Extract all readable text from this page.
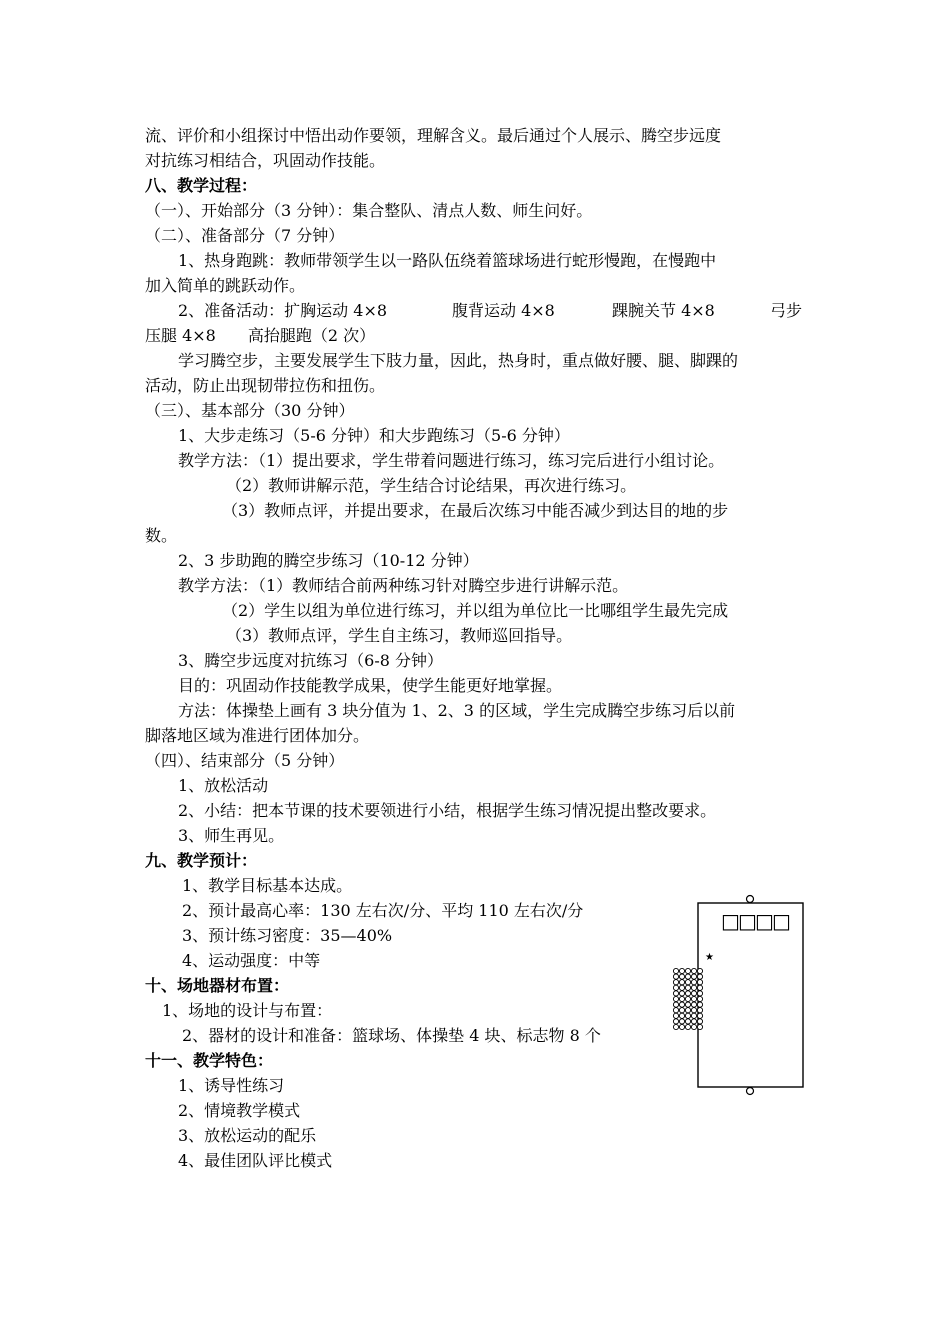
流、评价和小组探讨中悟出动作要领，理解含义。最后通过个人展示、腾空步远度
对抗练习相结合，巩固动作技能。
八、教学过程：
（一）、开始部分（3 分钟）：集合整队、清点人数、师生问好。
（二）、准备部分（7 分钟）
1、热身跑跳：教师带领学生以一路队伍绕着篮球场进行蛇形慢跑，在慢跑中
加入简单的跳跃动作。
2、准备活动：扩胸运动 4×8	腹背运动 4×8	踝腕关节 4×8	弓步
压腿 4×8　　高抬腿跑（2 次）
学习腾空步，主要发展学生下肢力量，因此，热身时，重点做好腰、腿、脚踝的
活动，防止出现韧带拉伤和扭伤。
（三）、基本部分（30 分钟）
1、大步走练习（5-6 分钟）和大步跑练习（5-6 分钟）
教学方法：（1）提出要求，学生带着问题进行练习，练习完后进行小组讨论。
（2）教师讲解示范，学生结合讨论结果，再次进行练习。
（3）教师点评，并提出要求，在最后次练习中能否减少到达目的地的步
数。
2、3 步助跑的腾空步练习（10-12 分钟）
教学方法：（1）教师结合前两种练习针对腾空步进行讲解示范。
（2）学生以组为单位进行练习，并以组为单位比一比哪组学生最先完成
（3）教师点评，学生自主练习，教师巡回指导。
3、腾空步远度对抗练习（6-8 分钟）
目的：巩固动作技能教学成果，使学生能更好地掌握。
方法：体操垫上画有 3 块分值为 1、2、3 的区域，学生完成腾空步练习后以前
脚落地区域为准进行团体加分。
（四）、结束部分（5 分钟）
1、放松活动
2、小结：把本节课的技术要领进行小结，根据学生练习情况提出整改要求。
3、师生再见。
九、教学预计：
1、教学目标基本达成。
2、预计最高心率：130 左右次/分、平均 110 左右次/分
3、预计练习密度：35—40%
4、运动强度：中等
十、场地器材布置：
1、场地的设计与布置：
2、器材的设计和准备：篮球场、体操垫 4 块、标志物 8 个
十一、教学特色：
1、诱导性练习
2、情境教学模式
3、放松运动的配乐
4、最佳团队评比模式
□
□
□
□
★
